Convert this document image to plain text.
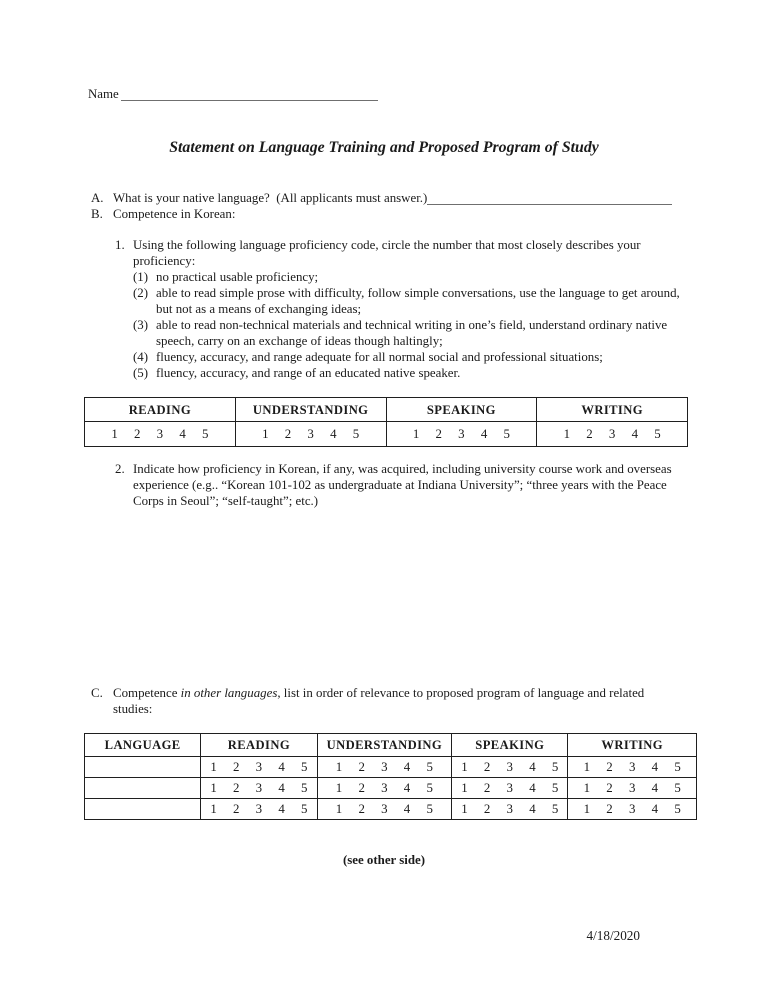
Name
Statement on Language Training and Proposed Program of Study
A. What is your native language?  (All applicants must answer.)
B. Competence in Korean:
1. Using the following language proficiency code, circle the number that most closely describes your proficiency:
(1) no practical usable proficiency;
(2) able to read simple prose with difficulty, follow simple conversations, use the language to get around, but not as a means of exchanging ideas;
(3) able to read non-technical materials and technical writing in one’s field, understand ordinary native speech, carry on an exchange of ideas though haltingly;
(4) fluency, accuracy, and range adequate for all normal social and professional situations;
(5) fluency, accuracy, and range of an educated native speaker.
READING	UNDERSTANDING	SPEAKING	WRITING
1 2 3 4 5	1 2 3 4 5	1 2 3 4 5	1 2 3 4 5
2. Indicate how proficiency in Korean, if any, was acquired, including university course work and overseas experience (e.g.. “Korean 101-102 as undergraduate at Indiana University”; “three years with the Peace Corps in Seoul”; “self-taught”; etc.)
C. Competence in other languages, list in order of relevance to proposed program of language and related studies:
LANGUAGE	READING	UNDERSTANDING	SPEAKING	WRITING
	1 2 3 4 5	1 2 3 4 5	1 2 3 4 5	1 2 3 4 5
	1 2 3 4 5	1 2 3 4 5	1 2 3 4 5	1 2 3 4 5
	1 2 3 4 5	1 2 3 4 5	1 2 3 4 5	1 2 3 4 5
(see other side)
4/18/2020
